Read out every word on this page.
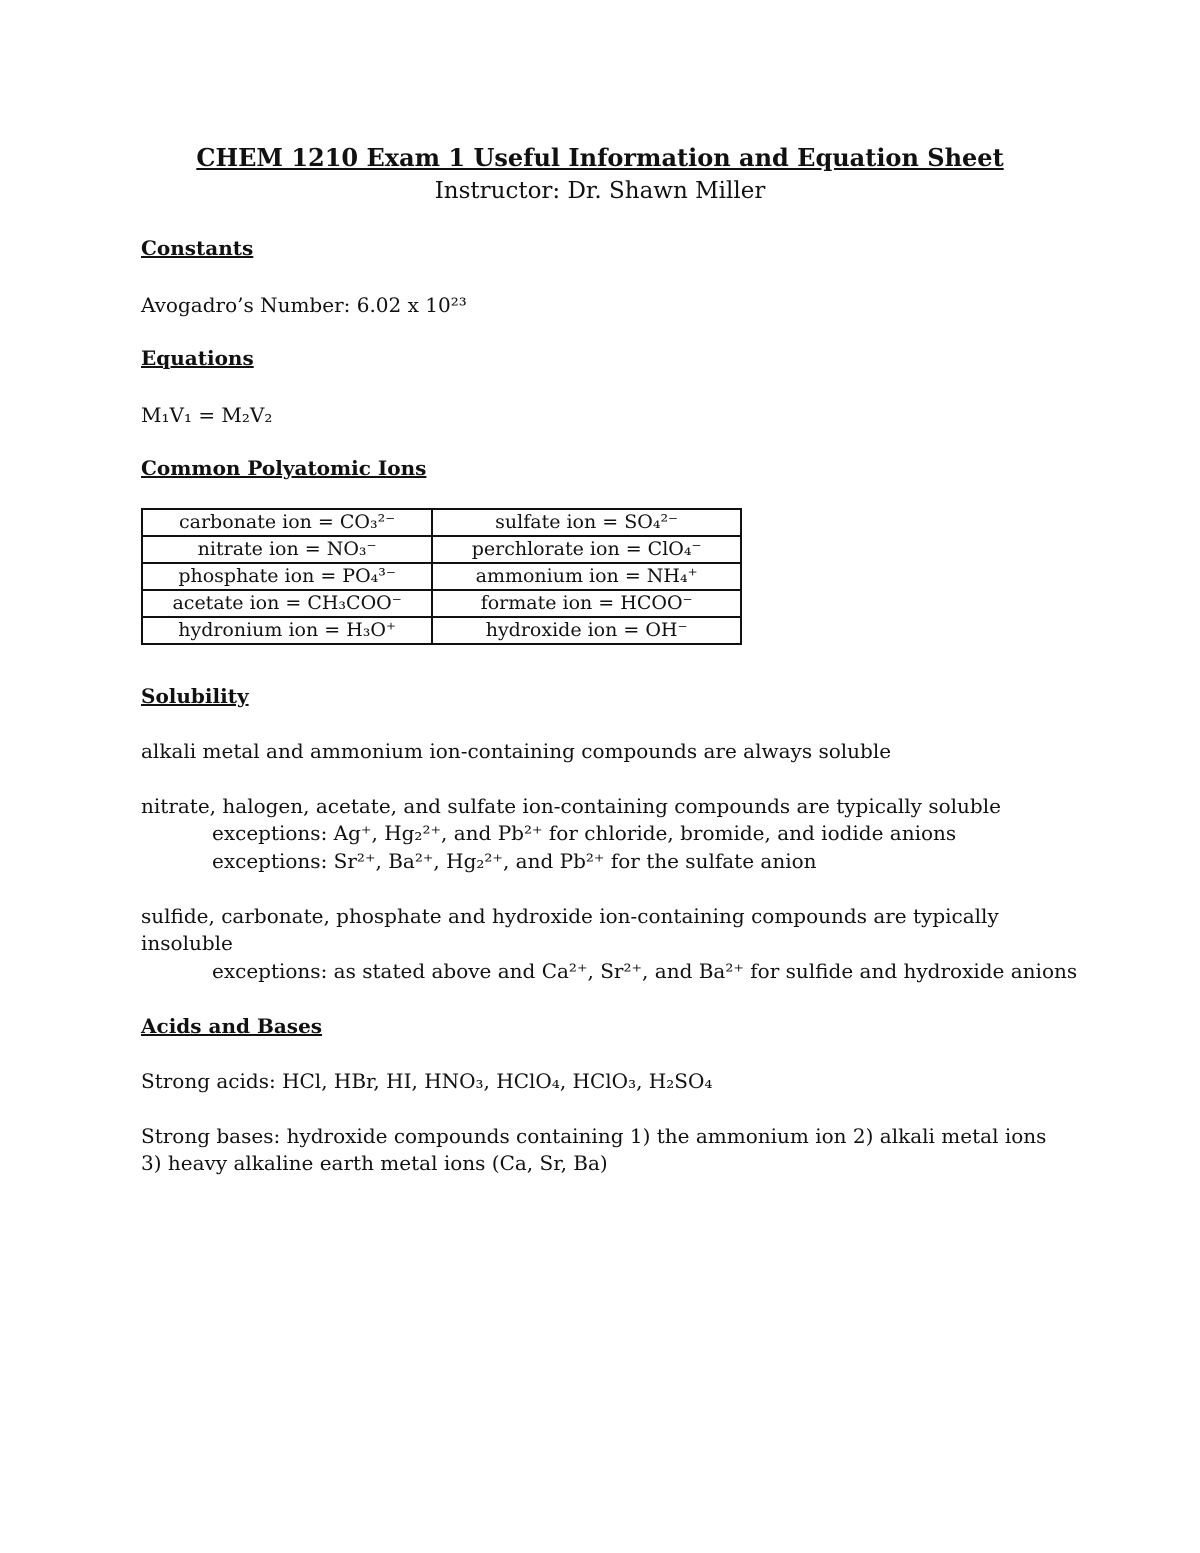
CHEM 1210 Exam 1 Useful Information and Equation Sheet
Instructor: Dr. Shawn Miller
Constants
Avogadro’s Number: 6.02 x 10²³
Equations
M₁V₁ = M₂V₂
Common Polyatomic Ions
carbonate ion = CO₃²⁻	sulfate ion = SO₄²⁻
nitrate ion = NO₃⁻	perchlorate ion = ClO₄⁻
phosphate ion = PO₄³⁻	ammonium ion = NH₄⁺
acetate ion = CH₃COO⁻	formate ion = HCOO⁻
hydronium ion = H₃O⁺	hydroxide ion = OH⁻
Solubility
alkali metal and ammonium ion-containing compounds are always soluble
nitrate, halogen, acetate, and sulfate ion-containing compounds are typically soluble
exceptions: Ag⁺, Hg₂²⁺, and Pb²⁺ for chloride, bromide, and iodide anions
exceptions: Sr²⁺, Ba²⁺, Hg₂²⁺, and Pb²⁺ for the sulfate anion
sulfide, carbonate, phosphate and hydroxide ion-containing compounds are typically
insoluble
exceptions: as stated above and Ca²⁺, Sr²⁺, and Ba²⁺ for sulfide and hydroxide anions
Acids and Bases
Strong acids: HCl, HBr, HI, HNO₃, HClO₄, HClO₃, H₂SO₄
Strong bases: hydroxide compounds containing 1) the ammonium ion 2) alkali metal ions
3) heavy alkaline earth metal ions (Ca, Sr, Ba)
